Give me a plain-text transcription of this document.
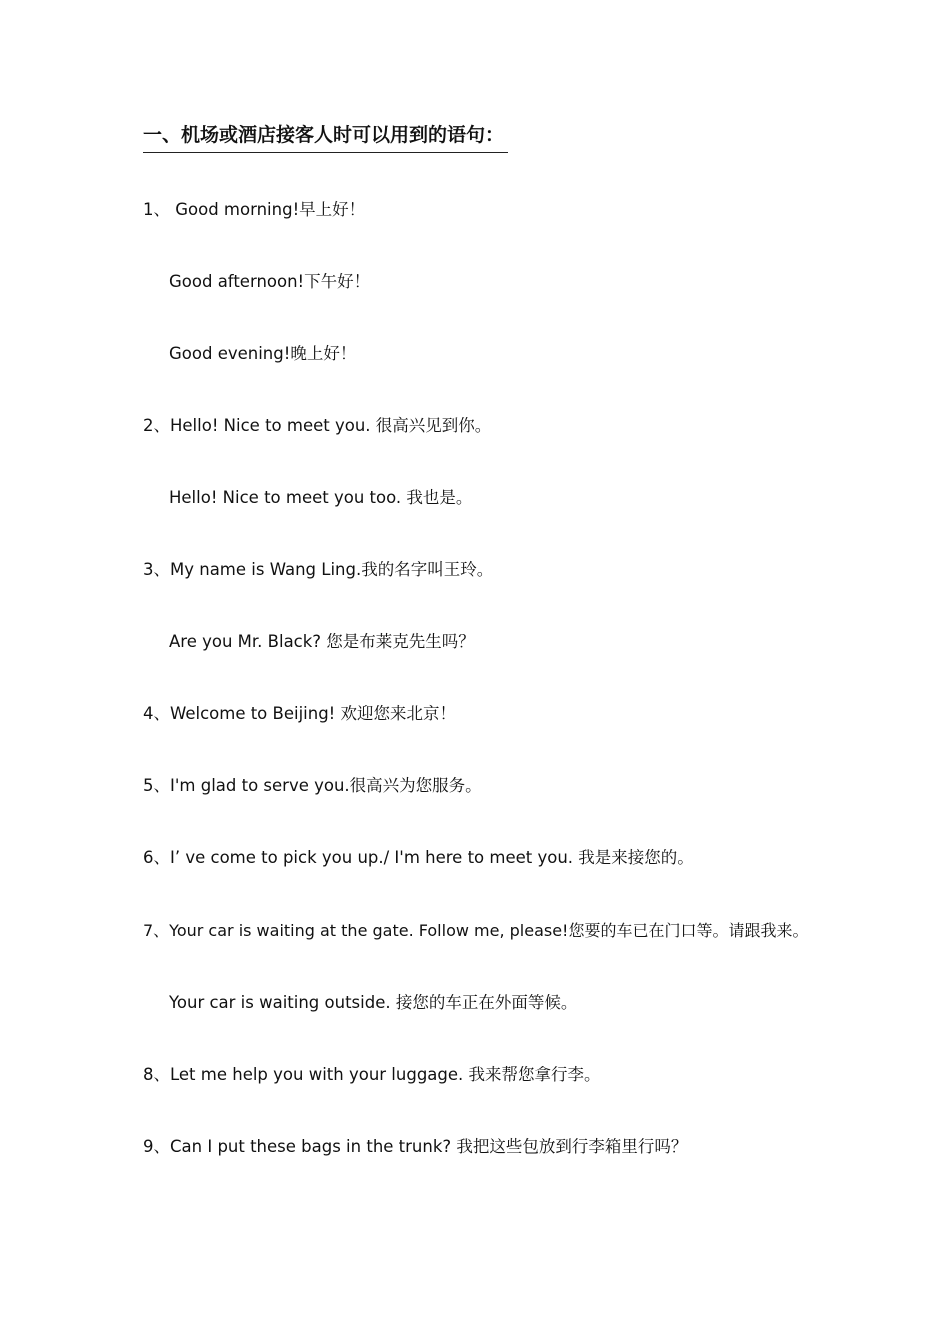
一、机场或酒店接客人时可以用到的语句：
1、 Good morning!早上好！
Good afternoon!下午好！
Good evening!晚上好！
2、Hello! Nice to meet you. 很高兴见到你。
Hello! Nice to meet you too. 我也是。
3、My name is Wang Ling.我的名字叫王玲。
Are you Mr. Black? 您是布莱克先生吗？
4、Welcome to Beijing! 欢迎您来北京！
5、I'm glad to serve you.很高兴为您服务。
6、I’ ve come to pick you up./ I'm here to meet you. 我是来接您的。
7、Your car is waiting at the gate. Follow me, please!您要的车已在门口等。请跟我来。
Your car is waiting outside. 接您的车正在外面等候。
8、Let me help you with your luggage. 我来帮您拿行李。
9、Can I put these bags in the trunk? 我把这些包放到行李箱里行吗？
